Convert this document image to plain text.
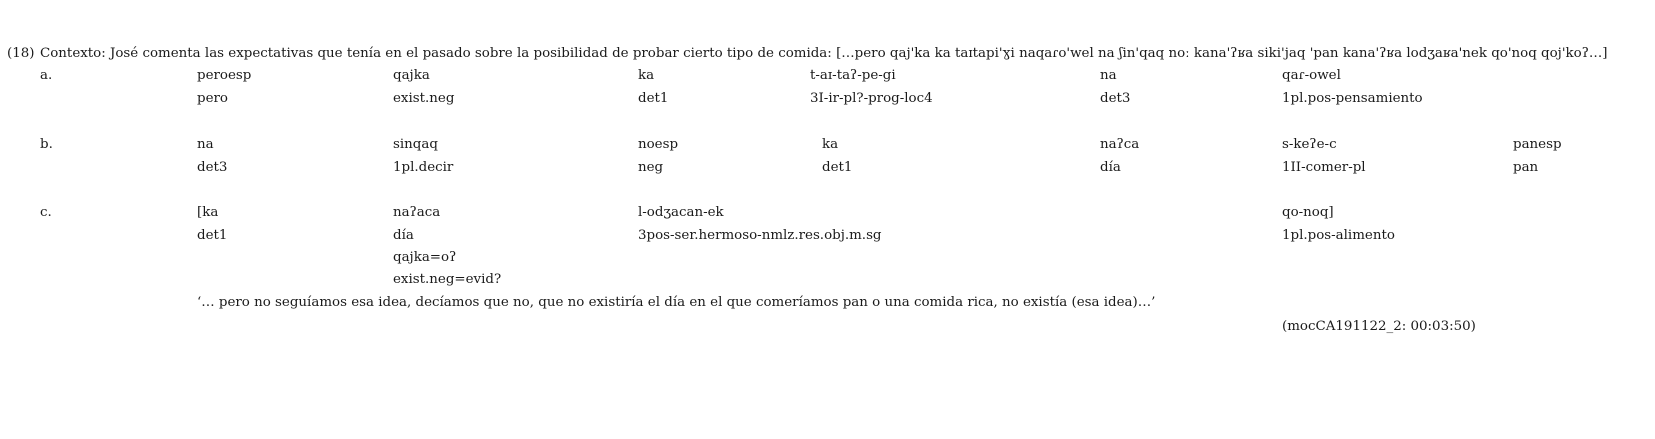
(18) Contexto: José comenta las expectativas que tenía en el pasado sobre la posibilidad de probar cierto tipo de comida: […pero qaj'ka ka taɪtapi'ɣi naqaɾo'wel na ʃin'qaq noː kana'ʔʁa siki'jaq 'pan kana'ʔʁa lodʒaʁa'nek qo'noq qoj'koʔ…]
a.	peroesp	qajka	ka	t-aɪ-taʔ-pe-gi	na	qaɾ-owel
pero	exist.neg	det1	3I-ir-pl?-prog-loc4	det3	1pl.pos-pensamiento
b.	na	sinqaq	noesp	ka	naʔca	s-keʔe-c	panesp
det3	1pl.decir	neg	det1	día	1II-comer-pl	pan
c.	[ka	naʔaca	l-odʒacan-ek	qo-noq]
det1	día	3pos-ser.hermoso-nmlz.res.obj.m.sg	1pl.pos-alimento
qajka=oʔ
exist.neg=evid?
‘… pero no seguíamos esa idea, decíamos que no, que no existiría el día en el que comeríamos pan o una comida rica, no existía (esa idea)…’
(mocCA191122_2: 00:03:50)
